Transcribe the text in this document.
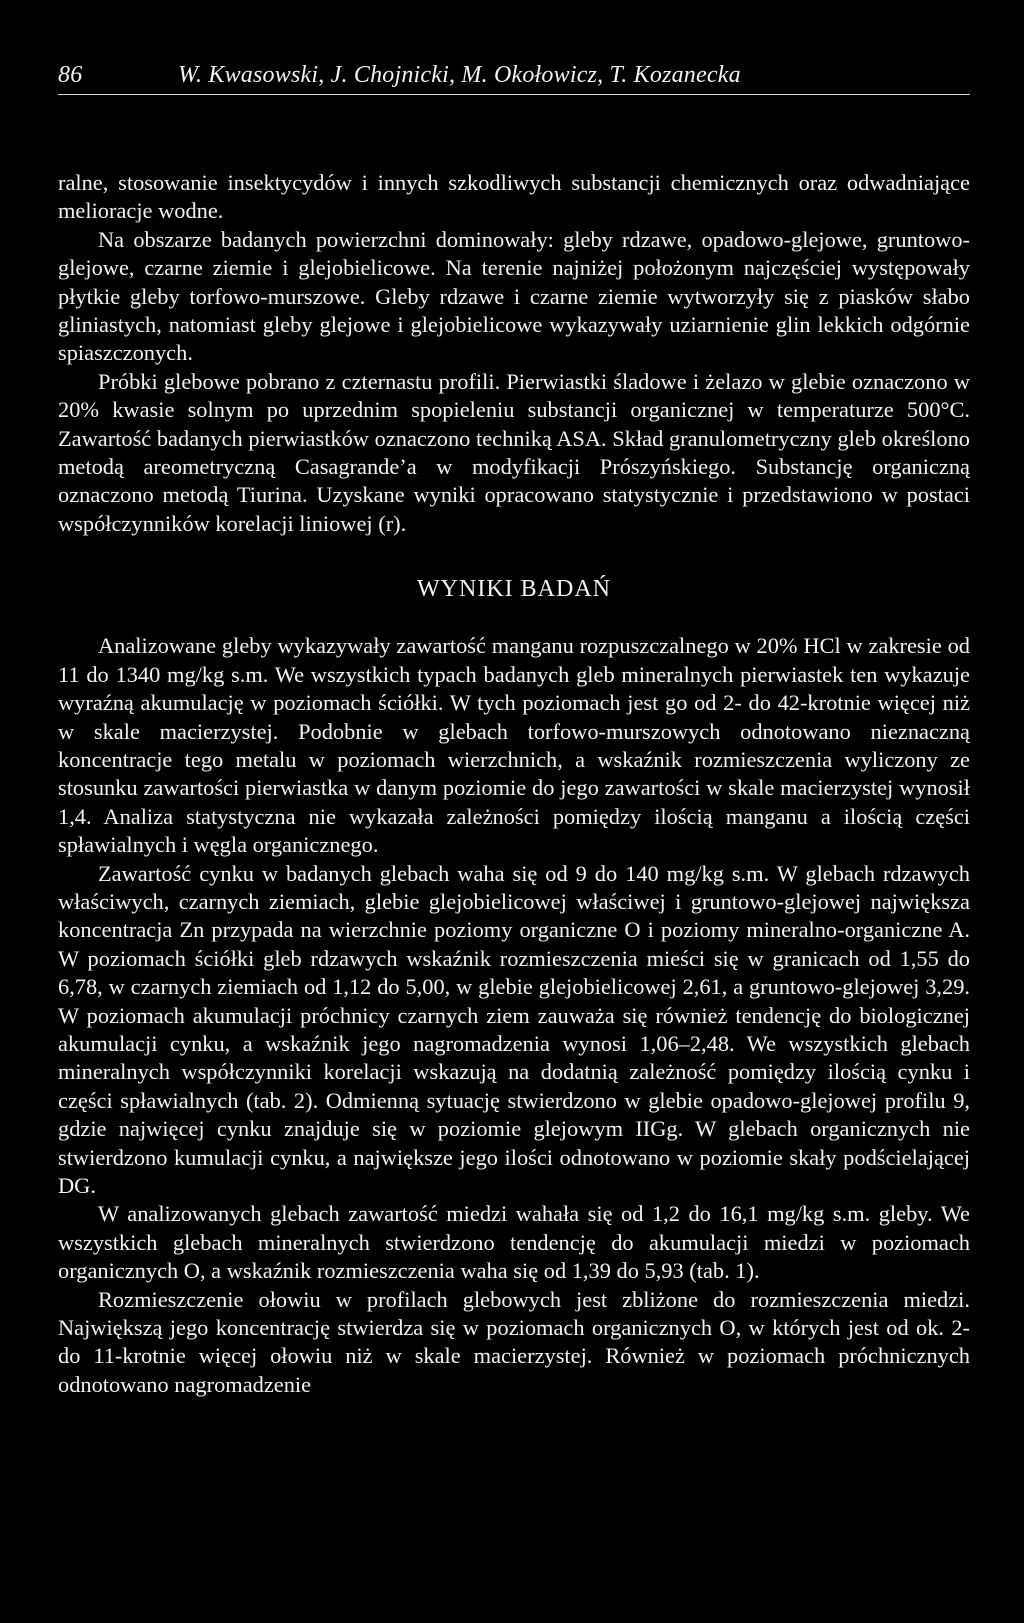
86	W. Kwasowski, J. Chojnicki, M. Okołowicz, T. Kozanecka

ralne, stosowanie insektycydów i innych szkodliwych substancji chemicznych oraz odwadniające melioracje wodne.

Na obszarze badanych powierzchni dominowały: gleby rdzawe, opadowo-glejowe, gruntowo-glejowe, czarne ziemie i glejobielicowe. Na terenie najniżej położonym najczęściej występowały płytkie gleby torfowo-murszowe. Gleby rdzawe i czarne ziemie wytworzyły się z piasków słabo gliniastych, natomiast gleby glejowe i glejobielicowe wykazywały uziarnienie glin lekkich odgórnie spiaszczonych.

Próbki glebowe pobrano z czternastu profili. Pierwiastki śladowe i żelazo w glebie oznaczono w 20% kwasie solnym po uprzednim spopieleniu substancji organicznej w temperaturze 500°C. Zawartość badanych pierwiastków oznaczono techniką ASA. Skład granulometryczny gleb określono metodą areometryczną Casagrande’a w modyfikacji Prószyńskiego. Substancję organiczną oznaczono metodą Tiurina. Uzyskane wyniki opracowano statystycznie i przedstawiono w postaci współczynników korelacji liniowej (r).

WYNIKI BADAŃ

Analizowane gleby wykazywały zawartość manganu rozpuszczalnego w 20% HCl w zakresie od 11 do 1340 mg/kg s.m. We wszystkich typach badanych gleb mineralnych pierwiastek ten wykazuje wyraźną akumulację w poziomach ściółki. W tych poziomach jest go od 2- do 42-krotnie więcej niż w skale macierzystej. Podobnie w glebach torfowo-murszowych odnotowano nieznaczną koncentracje tego metalu w poziomach wierzchnich, a wskaźnik rozmieszczenia wyliczony ze stosunku zawartości pierwiastka w danym poziomie do jego zawartości w skale macierzystej wynosił 1,4. Analiza statystyczna nie wykazała zależności pomiędzy ilością manganu a ilością części spławialnych i węgla organicznego.

Zawartość cynku w badanych glebach waha się od 9 do 140 mg/kg s.m. W glebach rdzawych właściwych, czarnych ziemiach, glebie glejobielicowej właściwej i gruntowo-glejowej największa koncentracja Zn przypada na wierzchnie poziomy organiczne O i poziomy mineralno-organiczne A. W poziomach ściółki gleb rdzawych wskaźnik rozmieszczenia mieści się w granicach od 1,55 do 6,78, w czarnych ziemiach od 1,12 do 5,00, w glebie glejobielicowej 2,61, a gruntowo-glejowej 3,29. W poziomach akumulacji próchnicy czarnych ziem zauważa się również tendencję do biologicznej akumulacji cynku, a wskaźnik jego nagromadzenia wynosi 1,06–2,48. We wszystkich glebach mineralnych współczynniki korelacji wskazują na dodatnią zależność pomiędzy ilością cynku i części spławialnych (tab. 2). Odmienną sytuację stwierdzono w glebie opadowo-glejowej profilu 9, gdzie najwięcej cynku znajduje się w poziomie glejowym IIGg. W glebach organicznych nie stwierdzono kumulacji cynku, a największe jego ilości odnotowano w poziomie skały podścielającej DG.

W analizowanych glebach zawartość miedzi wahała się od 1,2 do 16,1 mg/kg s.m. gleby. We wszystkich glebach mineralnych stwierdzono tendencję do akumulacji miedzi w poziomach organicznych O, a wskaźnik rozmieszczenia waha się od 1,39 do 5,93 (tab. 1).

Rozmieszczenie ołowiu w profilach glebowych jest zbliżone do rozmieszczenia miedzi. Największą jego koncentrację stwierdza się w poziomach organicznych O, w których jest od ok. 2- do 11-krotnie więcej ołowiu niż w skale macierzystej. Również w poziomach próchnicznych odnotowano nagromadzenie
